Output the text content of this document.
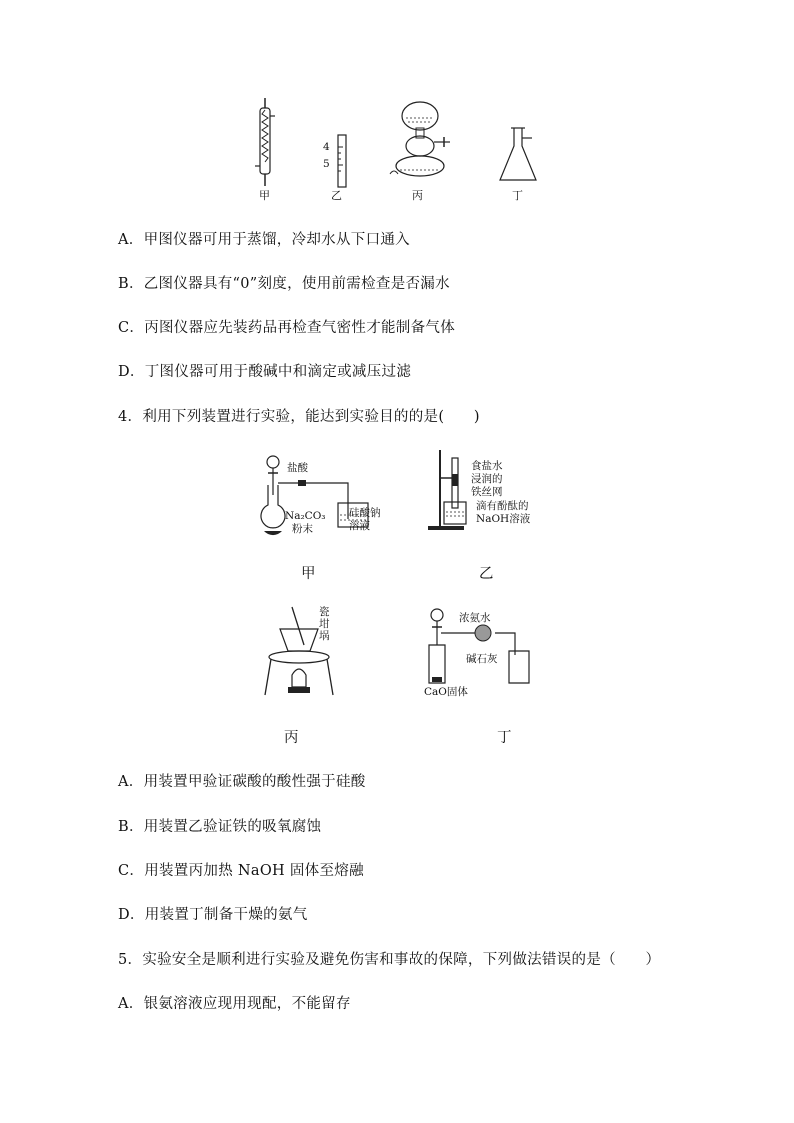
甲
4
5
乙	丙	丁
A．甲图仪器可用于蒸馏，冷却水从下口通入
B．乙图仪器具有“0”刻度，使用前需检查是否漏水
C．丙图仪器应先装药品再检查气密性才能制备气体
D．丁图仪器可用于酸碱中和滴定或减压过滤
4．利用下列装置进行实验，能达到实验目的的是(　　)
盐酸
Na₂CO₃
粉末
硅酸钠
溶液
甲
食盐水
浸润的
铁丝网
滴有酚酞的
NaOH溶液
乙
瓷
坩
埚
丙
浓氨水
碱石灰
CaO固体
丁
A．用装置甲验证碳酸的酸性强于硅酸
B．用装置乙验证铁的吸氧腐蚀
C．用装置丙加热 NaOH 固体至熔融
D．用装置丁制备干燥的氨气
5．实验安全是顺利进行实验及避免伤害和事故的保障，下列做法错误的是（　　）
A．银氨溶液应现用现配，不能留存
